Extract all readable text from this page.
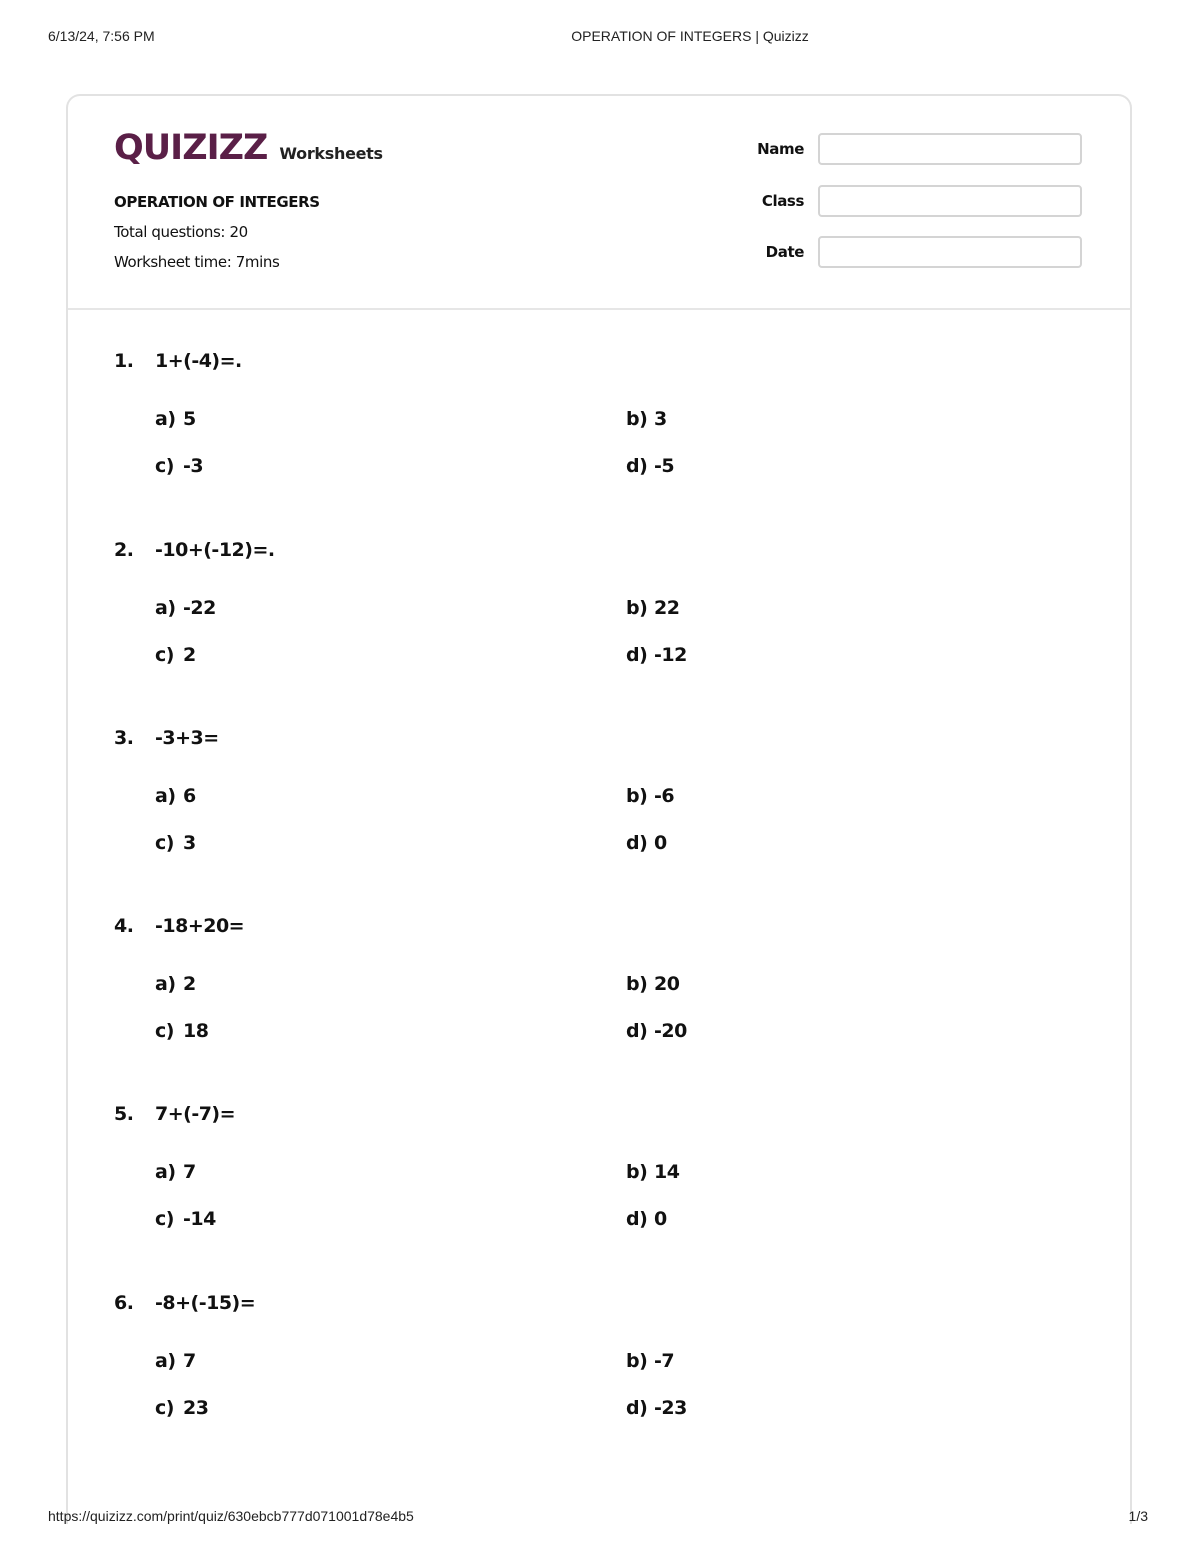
6/13/24, 7:56 PM	OPERATION OF INTEGERS | Quizizz
QUIZIZZ Worksheets
OPERATION OF INTEGERS
Total questions: 20
Worksheet time: 7mins
Name
Class
Date
1.	1+(-4)=.
a) 5	b) 3
c) -3	d) -5
2.	-10+(-12)=.
a) -22	b) 22
c) 2	d) -12
3.	-3+3=
a) 6	b) -6
c) 3	d) 0
4.	-18+20=
a) 2	b) 20
c) 18	d) -20
5.	7+(-7)=
a) 7	b) 14
c) -14	d) 0
6.	-8+(-15)=
a) 7	b) -7
c) 23	d) -23
https://quizizz.com/print/quiz/630ebcb777d071001d78e4b5	1/3
